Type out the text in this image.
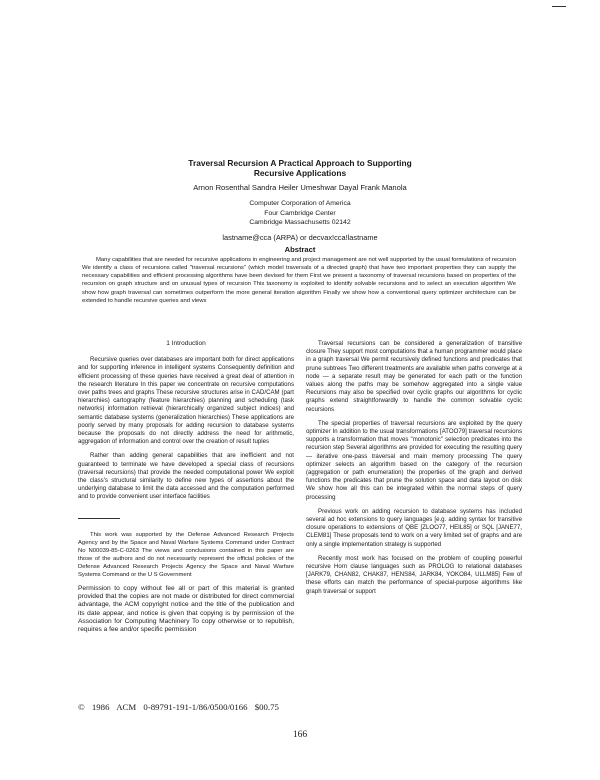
Traversal Recursion A Practical Approach to Supporting
Recursive Applications
Arnon Rosenthal Sandra Heiler Umeshwar Dayal Frank Manola
Computer Corporation of America
Four Cambridge Center
Cambridge Massachusetts 02142
lastname@cca (ARPA) or decvax!cca!lastname
Abstract
Many capabilities that are needed for recursive applications in engineering and project management are not well supported by the usual formulations of recursion We identify a class of recursions called "traversal recursions" (which model traversals of a directed graph) that have two important properties they can supply the necessary capabilities and efficient processing algorithms have been devised for them First we present a taxonomy of traversal recursions based on properties of the recursion on graph structure and on unusual types of recursion This taxonomy is exploited to identify solvable recursions and to select an execution algorithm We show how graph traversal can sometimes outperform the more general iteration algorithm Finally we show how a conventional query optimizer architecture can be extended to handle recursive queries and views
1 Introduction

Recursive queries over databases are important both for direct applications and for supporting inference in intelligent systems Consequently definition and efficient processing of these queries have received a great deal of attention in the research literature In this paper we concentrate on recursive computations over paths trees and graphs These recursive structures arise in CAD/CAM (part hierarchies) cartography (feature hierarchies) planning and scheduling (task networks) information retrieval (hierarchically organized subject indices) and semantic database systems (generalization hierarchies) These applications are poorly served by many proposals for adding recursion to database systems because the proposals do not directly address the need for arithmetic, aggregation of information and control over the creation of result tuples

Rather than adding general capabilities that are inefficient and not guaranteed to terminate we have developed a special class of recursions (traversal recursions) that provide the needed computational power We exploit the class's structural similarity to define new types of assertions about the underlying database to limit the data accessed and the computation performed and to provide convenient user interface facilities

This work was supported by the Defense Advanced Research Projects Agency and by the Space and Naval Warfare Systems Command under Contract No N00039-85-C-0263 The views and conclusions contained in this paper are those of the authors and do not necessarily represent the official policies of the Defense Advanced Research Projects Agency the Space and Naval Warfare Systems Command or the U S Government

Permission to copy without fee all or part of this material is granted provided that the copies are not made or distributed for direct commercial advantage, the ACM copyright notice and the title of the publication and its date appear, and notice is given that copying is by permission of the Association for Computing Machinery To copy otherwise or to republish, requires a fee and/or specific permission

Traversal recursions can be considered a generalization of transitive closure They support most computations that a human programmer would place in a graph traversal We permit recursively defined functions and predicates that prune subtrees Two different treatments are available when paths converge at a node — a separate result may be generated for each path or the function values along the paths may be somehow aggregated into a single value Recursions may also be specified over cyclic graphs our algorithms for cyclic graphs extend straightforwardly to handle the common solvable cyclic recursions

The special properties of traversal recursions are exploited by the query optimizer In addition to the usual transformations [ATOO79] traversal recursions supports a transformation that moves "monotonic" selection predicates into the recursion step Several algorithms are provided for executing the resulting query — iterative one-pass traversal and main memory processing The query optimizer selects an algorithm based on the category of the recursion (aggregation or path enumeration) the properties of the graph and derived functions the predicates that prune the solution space and data layout on disk We show how all this can be integrated within the normal steps of query processing

Previous work on adding recursion to database systems has included several ad hoc extensions to query languages [e.g. adding syntax for transitive closure operations to extensions of QBE [ZLOO77, HEIL85] or SQL [JANE77, CLEM81] These proposals tend to work on a very limited set of graphs and are only a single implementation strategy is supported

Recently most work has focused on the problem of coupling powerful recursive Horn clause languages such as PROLOG to relational databases [JARK79, CHAN82, CHAK87, HENS84, JARK84, YOKO84, ULLM85] Few of these efforts can match the performance of special-purpose algorithms like graph traversal or support

© 1986 ACM 0-89791-191-1/86/0500/0166 $00.75
166
